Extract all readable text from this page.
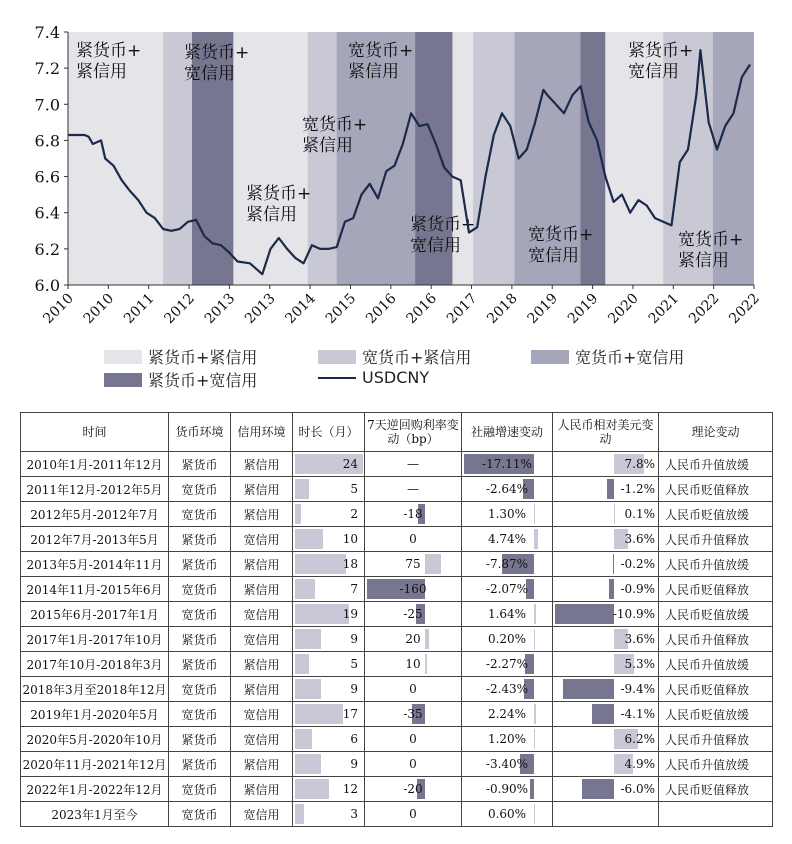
紧货币+紧信用
紧货币+宽信用
紧货币+紧信用
宽货币+紧信用
宽货币+紧信用
紧货币+宽信用
宽货币+宽信用
紧货币+宽信用
宽货币+紧信用
6.0
6.2
6.4
6.6
6.8
7.0
7.2
7.4
2010 2010 2011 2012 2013 2013 2014 2015 2016 2016 2017 2018 2019 2019 2020 2021 2022 2022
紧货币+紧信用	宽货币+紧信用	宽货币+宽信用
紧货币+宽信用	USDCNY
时间	货币环境	信用环境	时长（月）	7天逆回购利率变动（bp）	社融增速变动	人民币相对美元变动	理论变动
2010年1月-2011年12月	紧货币	紧信用	24	—	-17.11%	7.8%	人民币升值放缓
2011年12月-2012年5月	宽货币	紧信用	5	—	-2.64%	-1.2%	人民币贬值释放
2012年5月-2012年7月	宽货币	紧信用	2	-18	1.30%	0.1%	人民币贬值放缓
2012年7月-2013年5月	紧货币	宽信用	10	0	4.74%	3.6%	人民币升值释放
2013年5月-2014年11月	紧货币	紧信用	18	75	-7.87%	-0.2%	人民币升值放缓
2014年11月-2015年6月	宽货币	紧信用	7	-160	-2.07%	-0.9%	人民币贬值释放
2015年6月-2017年1月	宽货币	宽信用	19	-25	1.64%	-10.9%	人民币贬值放缓
2017年1月-2017年10月	紧货币	宽信用	9	20	0.20%	3.6%	人民币升值释放
2017年10月-2018年3月	紧货币	紧信用	5	10	-2.27%	5.3%	人民币升值放缓
2018年3月至2018年12月	宽货币	紧信用	9	0	-2.43%	-9.4%	人民币贬值释放
2019年1月-2020年5月	宽货币	宽信用	17	-35	2.24%	-4.1%	人民币贬值放缓
2020年5月-2020年10月	紧货币	宽信用	6	0	1.20%	6.2%	人民币升值释放
2020年11月-2021年12月	紧货币	紧信用	9	0	-3.40%	4.9%	人民币升值放缓
2022年1月-2022年12月	宽货币	紧信用	12	-20	-0.90%	-6.0%	人民币贬值释放
2023年1月至今	宽货币	宽信用	3	0	0.60%	
